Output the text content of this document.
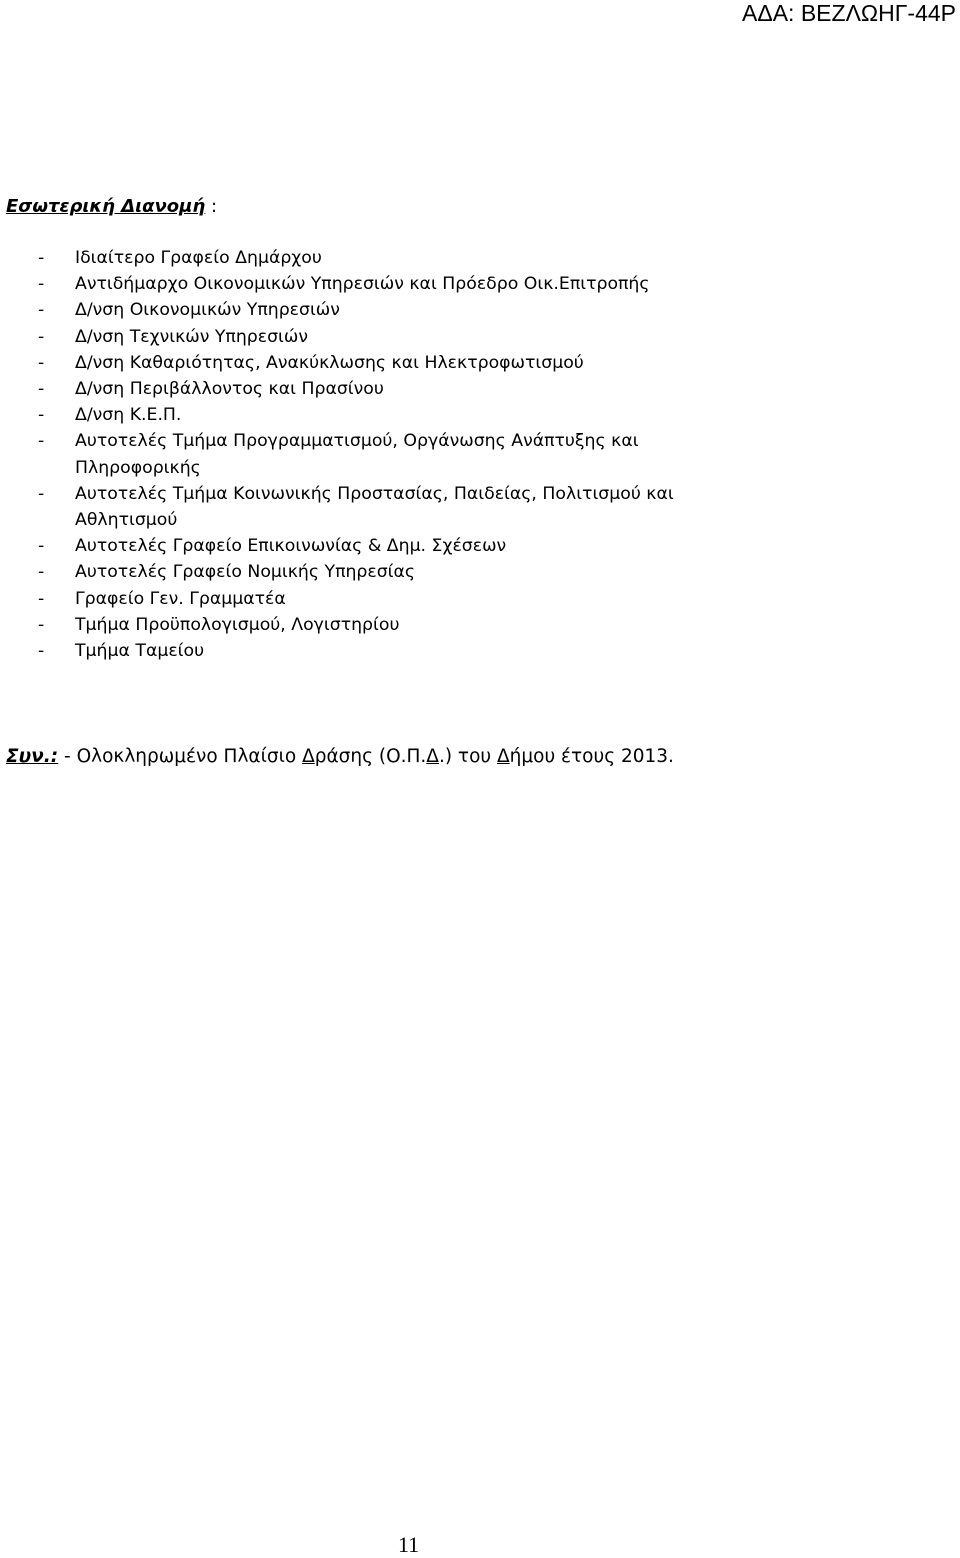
ΑΔΑ: ΒΕΖΛΩΗΓ-44Ρ
Εσωτερική Διανομή :
- Ιδιαίτερο Γραφείο Δημάρχου
- Αντιδήμαρχο Οικονομικών Υπηρεσιών και Πρόεδρο Οικ.Επιτροπής
- Δ/νση Οικονομικών Υπηρεσιών
- Δ/νση Τεχνικών Υπηρεσιών
- Δ/νση Καθαριότητας, Ανακύκλωσης και Ηλεκτροφωτισμού
- Δ/νση Περιβάλλοντος και Πρασίνου
- Δ/νση Κ.Ε.Π.
- Αυτοτελές Τμήμα Προγραμματισμού, Οργάνωσης Ανάπτυξης και Πληροφορικής
- Αυτοτελές Τμήμα Κοινωνικής Προστασίας, Παιδείας, Πολιτισμού και Αθλητισμού
- Αυτοτελές Γραφείο Επικοινωνίας & Δημ. Σχέσεων
- Αυτοτελές Γραφείο Νομικής Υπηρεσίας
- Γραφείο Γεν. Γραμματέα
- Τμήμα Προϋπολογισμού, Λογιστηρίου
- Τμήμα Ταμείου
Συν.: - Ολοκληρωμένο Πλαίσιο Δράσης (Ο.Π.Δ.) του Δήμου έτους 2013.
11
